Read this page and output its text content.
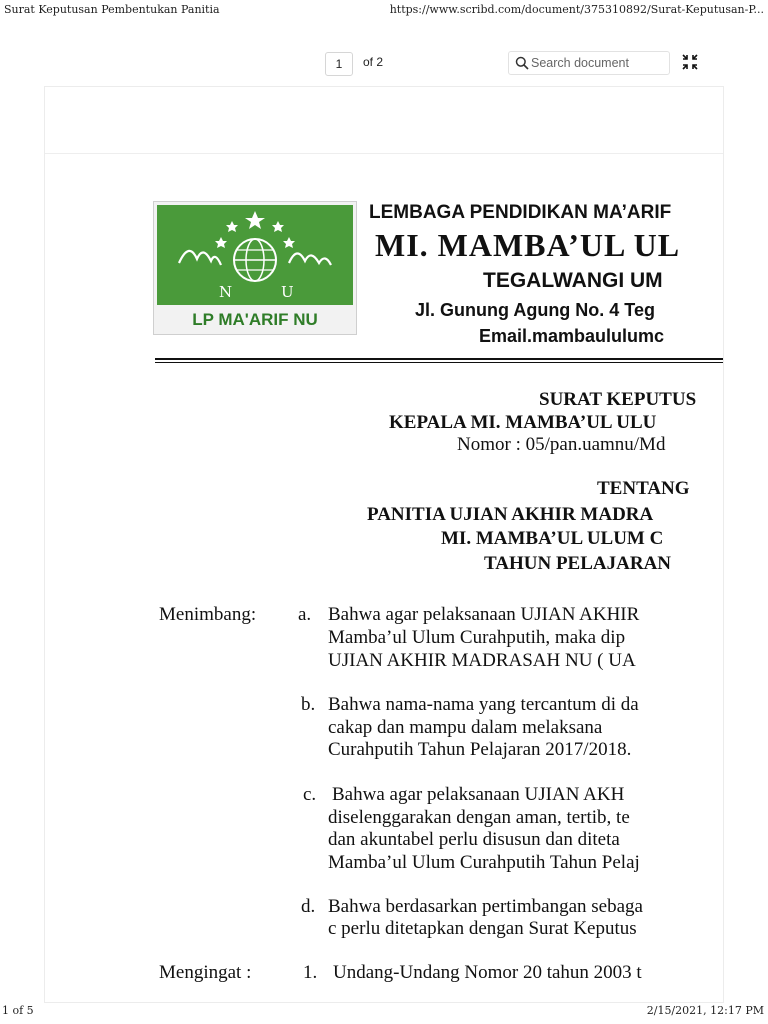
Surat Keputusan Pembentukan Panitia	https://www.scribd.com/document/375310892/Surat-Keputusan-P...
1	of 2	Search document
N	U
LP MA'ARIF NU
LEMBAGA PENDIDIKAN MA’ARIF
MI. MAMBA’UL UL
TEGALWANGI UM
Jl. Gunung Agung No. 4 Teg
Email.mambaululumc
SURAT KEPUTUS
KEPALA MI. MAMBA’UL ULU
Nomor : 05/pan.uamnu/Md
TENTANG
PANITIA UJIAN AKHIR MADRA
MI. MAMBA’UL ULUM C
TAHUN PELAJARAN
Menimbang: a. Bahwa agar pelaksanaan UJIAN AKHIR
Mamba’ul Ulum Curahputih, maka dip
UJIAN AKHIR MADRASAH NU ( UA
b. Bahwa nama-nama yang tercantum di da
cakap dan mampu dalam melaksana
Curahputih Tahun Pelajaran 2017/2018.
c. Bahwa agar pelaksanaan UJIAN AKH
diselenggarakan dengan aman, tertib, te
dan akuntabel perlu disusun dan diteta
Mamba’ul Ulum Curahputih Tahun Pelaj
d. Bahwa berdasarkan pertimbangan sebaga
c perlu ditetapkan dengan Surat Keputus
Mengingat :	1. Undang-Undang Nomor 20 tahun 2003 t
1 of 5	2/15/2021, 12:17 PM
